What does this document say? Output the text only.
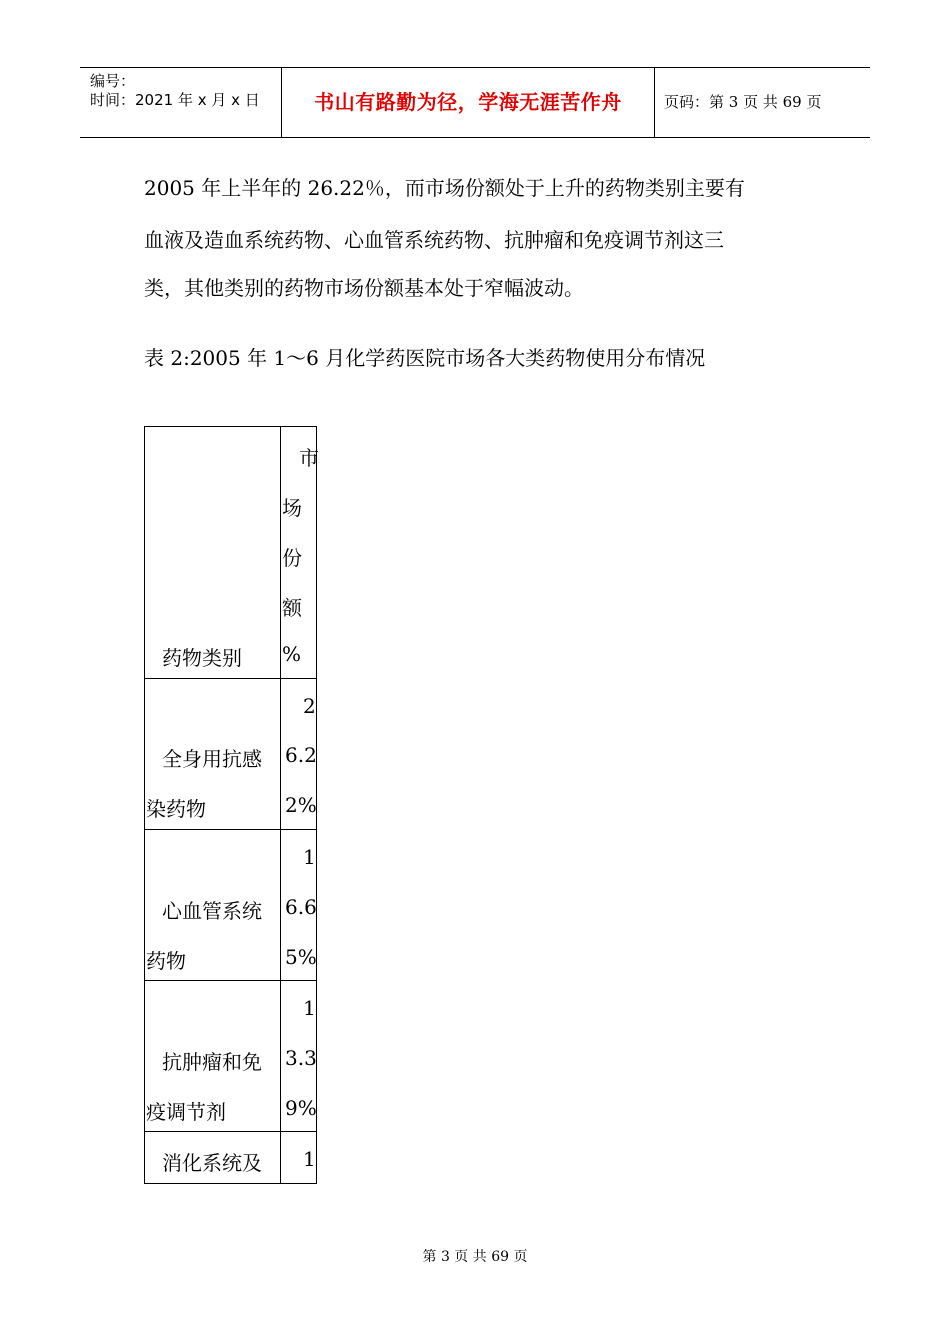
编号：
时间：2021 年 x 月 x 日	书山有路勤为径，学海无涯苦作舟	页码：第 3 页 共 69 页
2005 年上半年的 26.22％，而市场份额处于上升的药物类别主要有
血液及造血系统药物、心血管系统药物、抗肿瘤和免疫调节剂这三
类，其他类别的药物市场份额基本处于窄幅波动。
表 2:2005 年 1～6 月化学药医院市场各大类药物使用分布情况
药物类别
市
场
份
额
%
全身用抗感
染药物
2
6.2
2%
心血管系统
药物
1
6.6
5%
抗肿瘤和免
疫调节剂
1
3.3
9%
消化系统及 1
第 3 页 共 69 页
